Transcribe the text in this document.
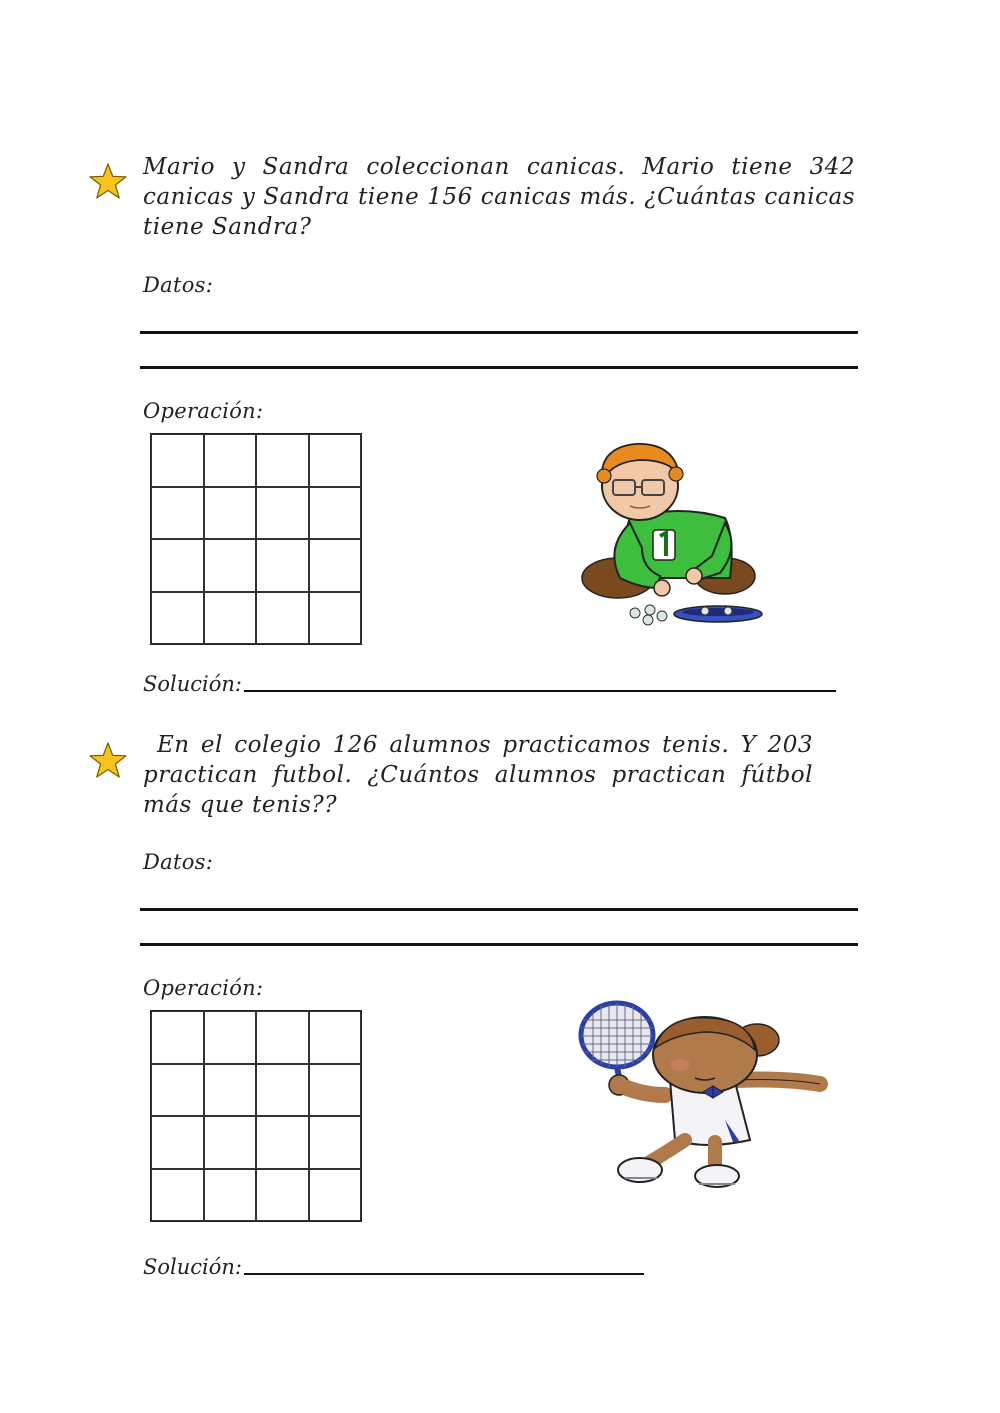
Mario y Sandra coleccionan canicas. Mario tiene 342 canicas y Sandra tiene 156 canicas más. ¿Cuántas canicas tiene Sandra?
Datos:
Operación:
Solución:
En el colegio 126 alumnos practicamos tenis. Y 203 practican futbol. ¿Cuántos alumnos practican fútbol más que tenis??
Datos:
Operación:
Solución:
